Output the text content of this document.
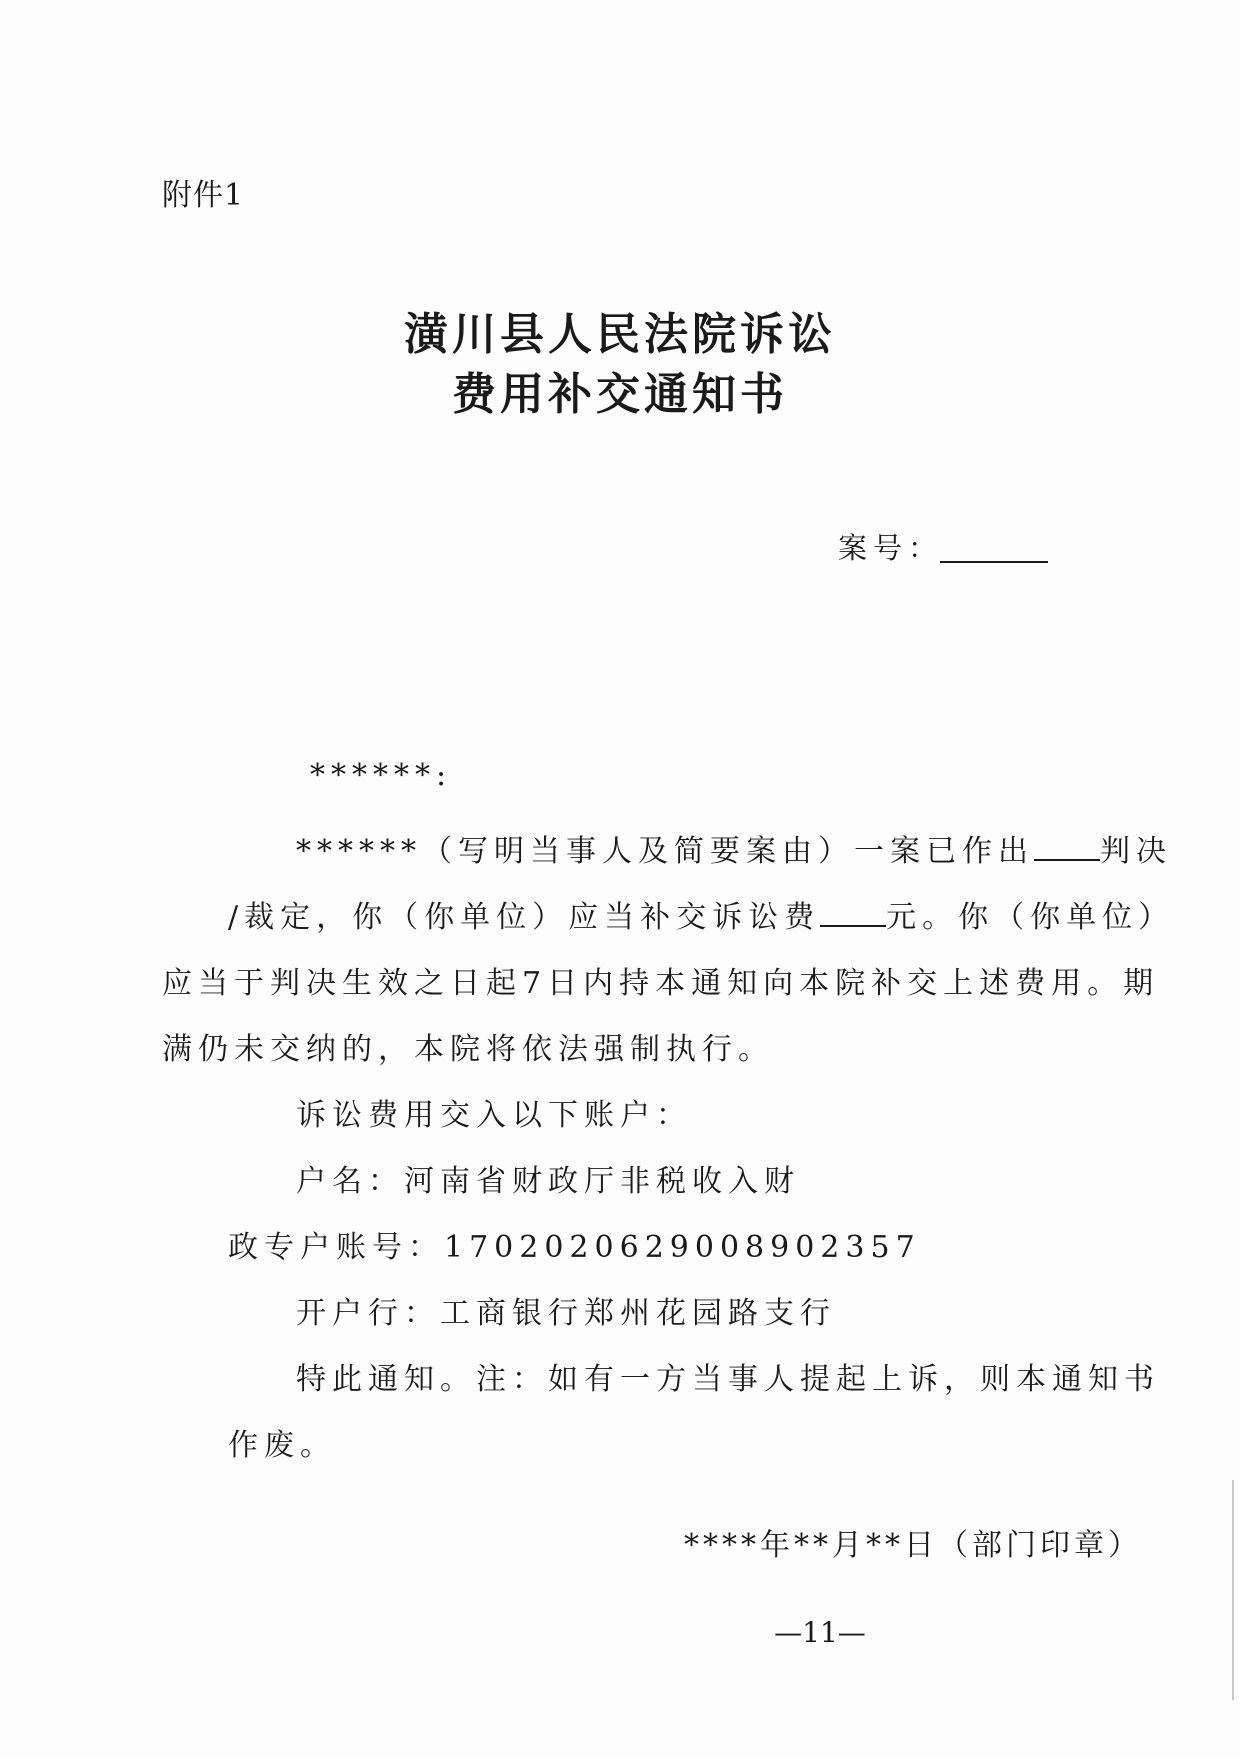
附件1
潢川县人民法院诉讼
费用补交通知书
案号：
******:
******（写明当事人及简要案由）一案已作出 判决
/裁定，你（你单位）应当补交诉讼费 元。你（你单位）
应当于判决生效之日起7日内持本通知向本院补交上述费用。期
满仍未交纳的，本院将依法强制执行。
诉讼费用交入以下账户：
户名：河南省财政厅非税收入财
政专户账号：1702020629008902357
开户行：工商银行郑州花园路支行
特此通知。注：如有一方当事人提起上诉，则本通知书
作废。
****年**月**日（部门印章）
—11—
